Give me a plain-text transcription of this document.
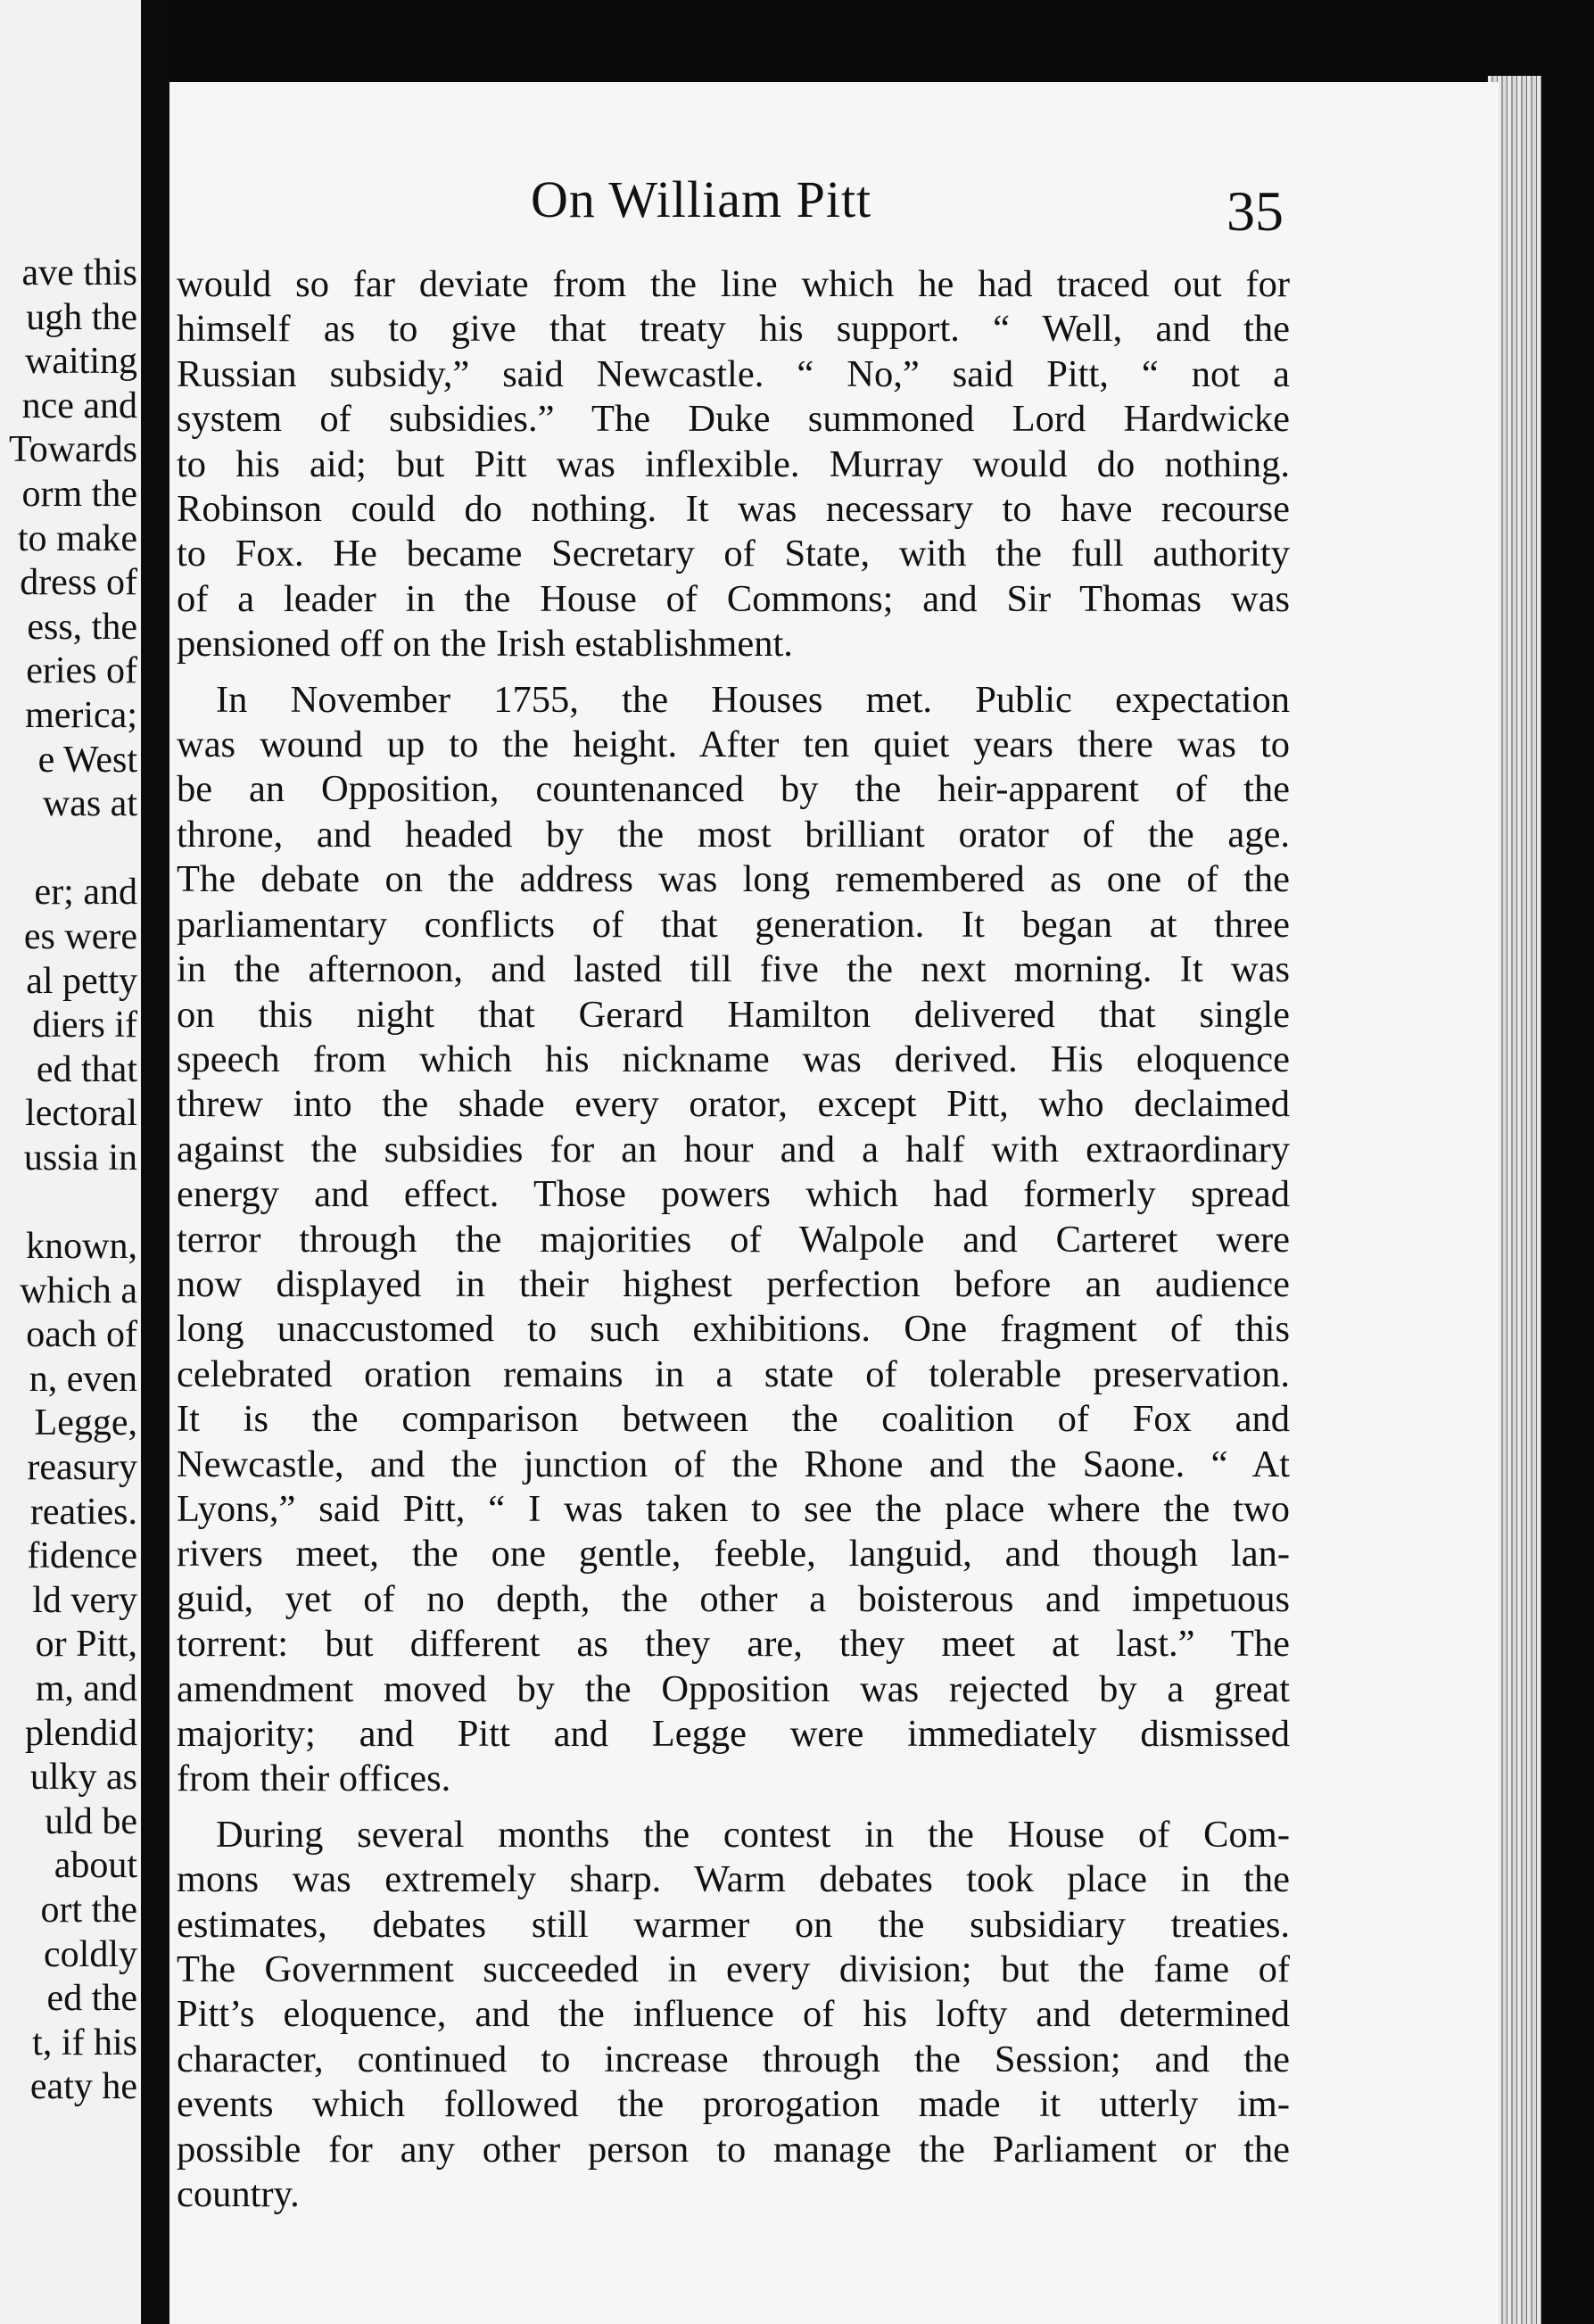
ave this
ugh the
waiting
nce and
Towards
orm the
to make
dress of
ess, the
eries of
merica;
e West
was at
er; and
es were
al petty
diers if
ed that
lectoral
ussia in
known,
which a
oach of
n, even
Legge,
reasury
reaties.
fidence
ld very
or Pitt,
m, and
plendid
ulky as
uld be
about
ort the
coldly
ed the
t, if his
eaty he
On William Pitt	35

would so far deviate from the line which he had traced out for
himself as to give that treaty his support. “ Well, and the
Russian subsidy,” said Newcastle. “ No,” said Pitt, “ not a
system of subsidies.” The Duke summoned Lord Hardwicke
to his aid; but Pitt was inflexible. Murray would do nothing.
Robinson could do nothing. It was necessary to have recourse
to Fox. He became Secretary of State, with the full authority
of a leader in the House of Commons; and Sir Thomas was
pensioned off on the Irish establishment.

In November 1755, the Houses met. Public expectation
was wound up to the height. After ten quiet years there was to
be an Opposition, countenanced by the heir-apparent of the
throne, and headed by the most brilliant orator of the age.
The debate on the address was long remembered as one of the
parliamentary conflicts of that generation. It began at three
in the afternoon, and lasted till five the next morning. It was
on this night that Gerard Hamilton delivered that single
speech from which his nickname was derived. His eloquence
threw into the shade every orator, except Pitt, who declaimed
against the subsidies for an hour and a half with extraordinary
energy and effect. Those powers which had formerly spread
terror through the majorities of Walpole and Carteret were
now displayed in their highest perfection before an audience
long unaccustomed to such exhibitions. One fragment of this
celebrated oration remains in a state of tolerable preservation.
It is the comparison between the coalition of Fox and
Newcastle, and the junction of the Rhone and the Saone. “ At
Lyons,” said Pitt, “ I was taken to see the place where the two
rivers meet, the one gentle, feeble, languid, and though lan-
guid, yet of no depth, the other a boisterous and impetuous
torrent: but different as they are, they meet at last.” The
amendment moved by the Opposition was rejected by a great
majority; and Pitt and Legge were immediately dismissed
from their offices.

During several months the contest in the House of Com-
mons was extremely sharp. Warm debates took place in the
estimates, debates still warmer on the subsidiary treaties.
The Government succeeded in every division; but the fame of
Pitt’s eloquence, and the influence of his lofty and determined
character, continued to increase through the Session; and the
events which followed the prorogation made it utterly im-
possible for any other person to manage the Parliament or the
country.
